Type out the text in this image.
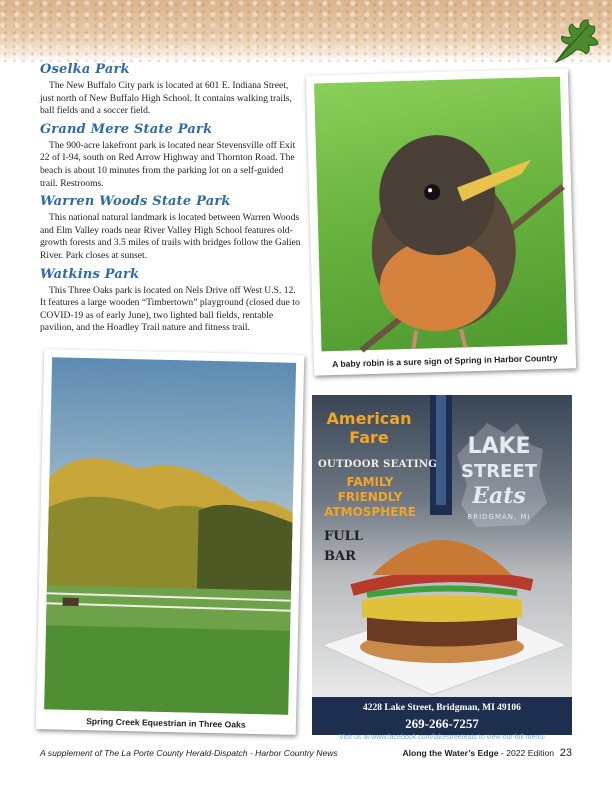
Oselka Park

The New Buffalo City park is located at 601 E. Indiana Street, just north of New Buffalo High School. It contains walking trails, ball fields and a soccer field.

Grand Mere State Park

The 900-acre lakefront park is located near Stevensville off Exit 22 of I-94, south on Red Arrow Highway and Thornton Road. The beach is about 10 minutes from the parking lot on a self-guided trail. Restrooms.

Warren Woods State Park

This national natural landmark is located between Warren Woods and Elm Valley roads near River Valley High School features old-growth forests and 3.5 miles of trails with bridges follow the Galien River. Park closes at sunset.

Watkins Park

This Three Oaks park is located on Nels Drive off West U.S. 12. It features a large wooden “Timbertown” playground (closed due to COVID-19 as of early June), two lighted ball fields, rentable pavilion, and the Hoadley Trail nature and fitness trail.

A baby robin is a sure sign of Spring in Harbor Country
Spring Creek Equestrian in Three Oaks
American
Fare
OUTDOOR SEATING
FAMILY
FRIENDLY
ATMOSPHERE
FULL
BAR
LAKE
STREET
Eats
BRIDGMAN, MI
4228 Lake Street, Bridgman, MI 49106
269-266-7257
Visit us at www.facebook.com/lakestreeteats to view our full menu!
A supplement of The La Porte County Herald-Dispatch - Harbor Country News	Along the Water’s Edge - 2022 Edition 23
